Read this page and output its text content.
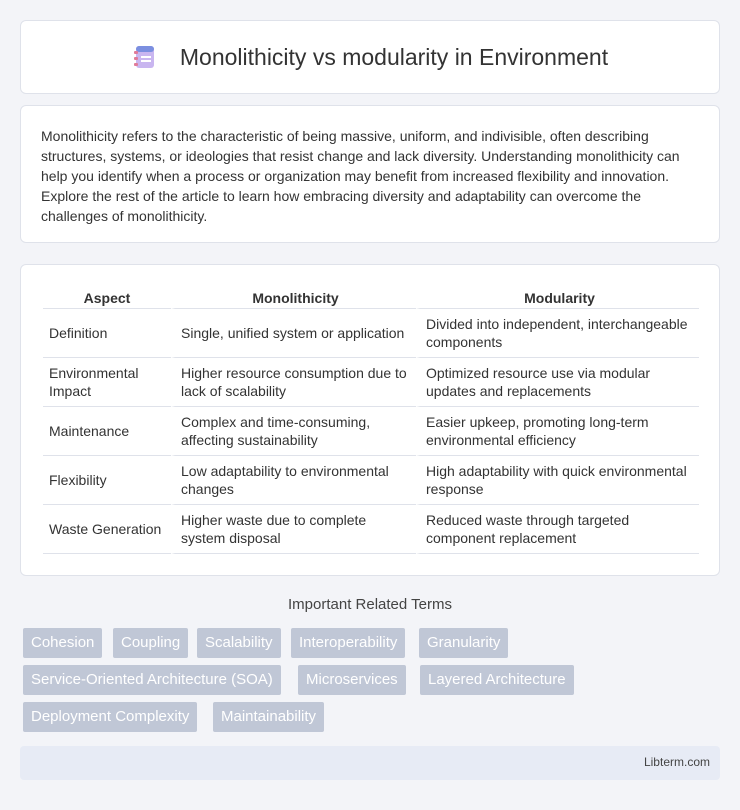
Monolithicity vs modularity in Environment

Monolithicity refers to the characteristic of being massive, uniform, and indivisible, often describing structures, systems, or ideologies that resist change and lack diversity. Understanding monolithicity can help you identify when a process or organization may benefit from increased flexibility and innovation. Explore the rest of the article to learn how embracing diversity and adaptability can overcome the challenges of monolithicity.

Aspect	Monolithicity	Modularity
Definition	Single, unified system or application	Divided into independent, interchangeable components
Environmental Impact	Higher resource consumption due to lack of scalability	Optimized resource use via modular updates and replacements
Maintenance	Complex and time-consuming, affecting sustainability	Easier upkeep, promoting long-term environmental efficiency
Flexibility	Low adaptability to environmental changes	High adaptability with quick environmental response
Waste Generation	Higher waste due to complete system disposal	Reduced waste through targeted component replacement
Important Related Terms
Cohesion	Coupling	Scalability	Interoperability	Granularity
Service-Oriented Architecture (SOA)	Microservices	Layered Architecture
Deployment Complexity	Maintainability
Libterm.com
